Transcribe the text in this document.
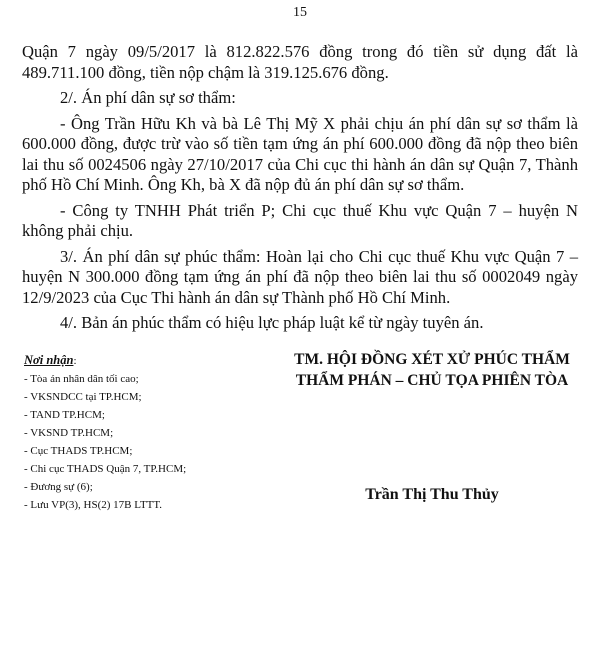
15

Quận 7 ngày 09/5/2017 là 812.822.576 đồng trong đó tiền sử dụng đất là 489.711.100 đồng, tiền nộp chậm là 319.125.676 đồng.

2/. Án phí dân sự sơ thẩm:

- Ông Trần Hữu Kh và bà Lê Thị Mỹ X phải chịu án phí dân sự sơ thẩm là 600.000 đồng, được trừ vào số tiền tạm ứng án phí 600.000 đồng đã nộp theo biên lai thu số 0024506 ngày 27/10/2017 của Chi cục thi hành án dân sự Quận 7, Thành phố Hồ Chí Minh. Ông Kh, bà X đã nộp đủ án phí dân sự sơ thẩm.

- Công ty TNHH Phát triển P; Chi cục thuế Khu vực Quận 7 – huyện N không phải chịu.

3/. Án phí dân sự phúc thẩm: Hoàn lại cho Chi cục thuế Khu vực Quận 7 – huyện N 300.000 đồng tạm ứng án phí đã nộp theo biên lai thu số 0002049 ngày 12/9/2023 của Cục Thi hành án dân sự Thành phố Hồ Chí Minh.

4/. Bản án phúc thẩm có hiệu lực pháp luật kể từ ngày tuyên án.

Nơi nhận:
- Tòa án nhân dân tối cao;
- VKSNDCC tại TP.HCM;
- TAND TP.HCM;
- VKSND TP.HCM;
- Cục THADS TP.HCM;
- Chi cục THADS Quận 7, TP.HCM;
- Đương sự (6);
- Lưu VP(3), HS(2) 17B LTTT.
TM. HỘI ĐỒNG XÉT XỬ PHÚC THẨM
THẨM PHÁN – CHỦ TỌA PHIÊN TÒA
Trần Thị Thu Thủy
